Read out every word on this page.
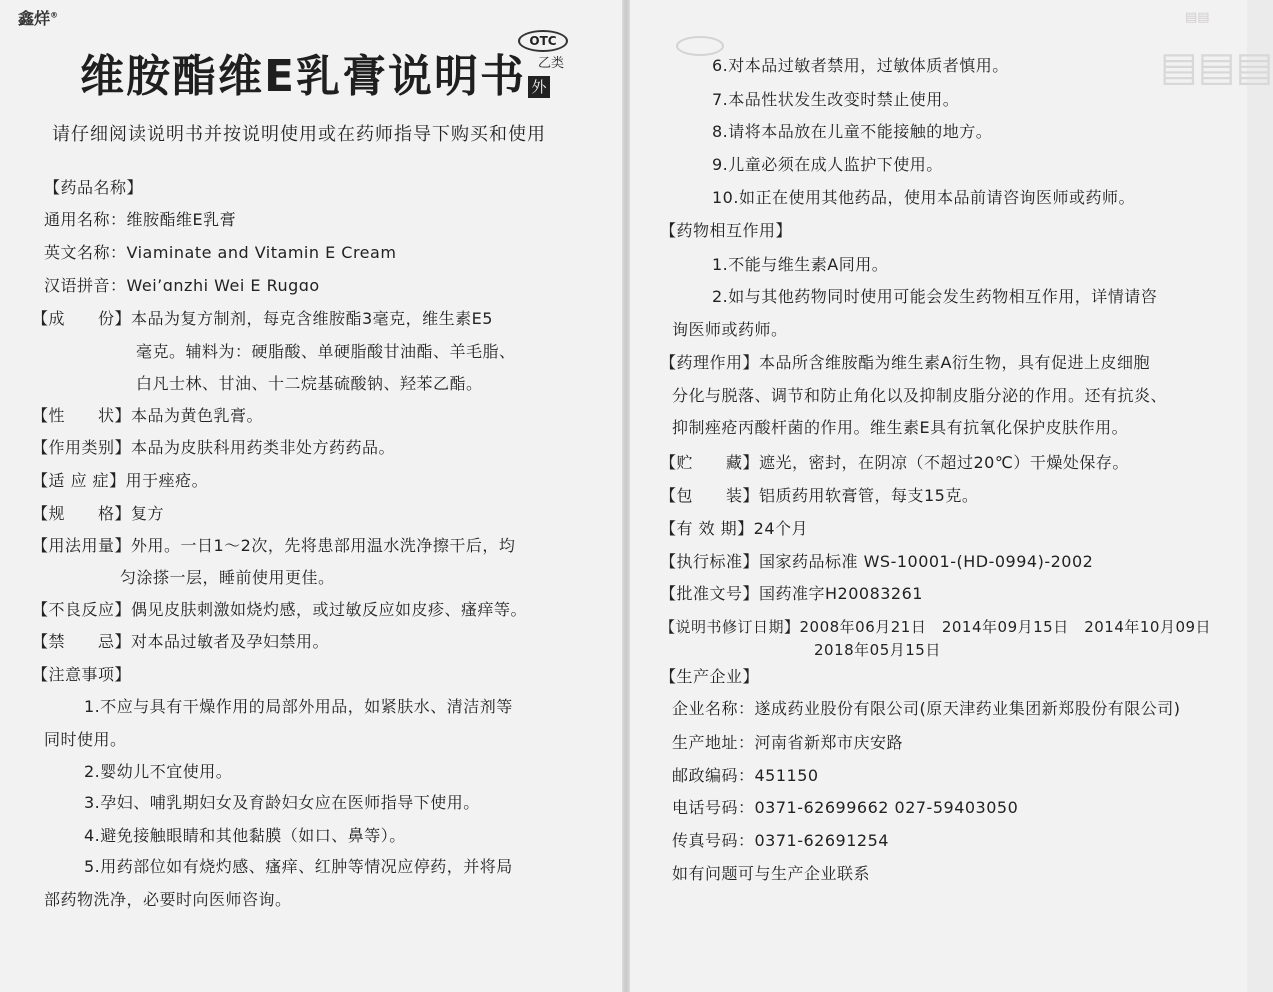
▤▤
▤▤▤
鑫烊®
维胺酯维E乳膏说明书
OTC
乙类
外
请仔细阅读说明书并按说明使用或在药师指导下购买和使用
【药品名称】
通用名称：维胺酯维E乳膏
英文名称：Viaminate and Vitamin E Cream
汉语拼音：Wei’ɑnzhi Wei E Rugɑo
【成　　份】本品为复方制剂，每克含维胺酯3毫克，维生素E5
毫克。辅料为：硬脂酸、单硬脂酸甘油酯、羊毛脂、
白凡士林、甘油、十二烷基硫酸钠、羟苯乙酯。
【性　　状】本品为黄色乳膏。
【作用类别】本品为皮肤科用药类非处方药药品。
【适 应 症】用于痤疮。
【规　　格】复方
【用法用量】外用。一日1～2次，先将患部用温水洗净擦干后，均
匀涂搽一层，睡前使用更佳。
【不良反应】偶见皮肤刺激如烧灼感，或过敏反应如皮疹、瘙痒等。
【禁　　忌】对本品过敏者及孕妇禁用。
【注意事项】
1.不应与具有干燥作用的局部外用品，如紧肤水、清洁剂等
同时使用。
2.婴幼儿不宜使用。
3.孕妇、哺乳期妇女及育龄妇女应在医师指导下使用。
4.避免接触眼睛和其他黏膜（如口、鼻等）。
5.用药部位如有烧灼感、瘙痒、红肿等情况应停药，并将局
部药物洗净，必要时向医师咨询。
6.对本品过敏者禁用，过敏体质者慎用。
7.本品性状发生改变时禁止使用。
8.请将本品放在儿童不能接触的地方。
9.儿童必须在成人监护下使用。
10.如正在使用其他药品，使用本品前请咨询医师或药师。
【药物相互作用】
1.不能与维生素A同用。
2.如与其他药物同时使用可能会发生药物相互作用，详情请咨
询医师或药师。
【药理作用】本品所含维胺酯为维生素A衍生物，具有促进上皮细胞
分化与脱落、调节和防止角化以及抑制皮脂分泌的作用。还有抗炎、
抑制痤疮丙酸杆菌的作用。维生素E具有抗氧化保护皮肤作用。
【贮　　藏】遮光，密封，在阴凉（不超过20℃）干燥处保存。
【包　　装】铝质药用软膏管，每支15克。
【有 效 期】24个月
【执行标准】国家药品标准 WS-10001-(HD-0994)-2002
【批准文号】国药准字H20083261
【说明书修订日期】2008年06月21日　2014年09月15日　2014年10月09日
2018年05月15日
【生产企业】
企业名称：遂成药业股份有限公司(原天津药业集团新郑股份有限公司)
生产地址：河南省新郑市庆安路
邮政编码：451150
电话号码：0371-62699662 027-59403050
传真号码：0371-62691254
如有问题可与生产企业联系
